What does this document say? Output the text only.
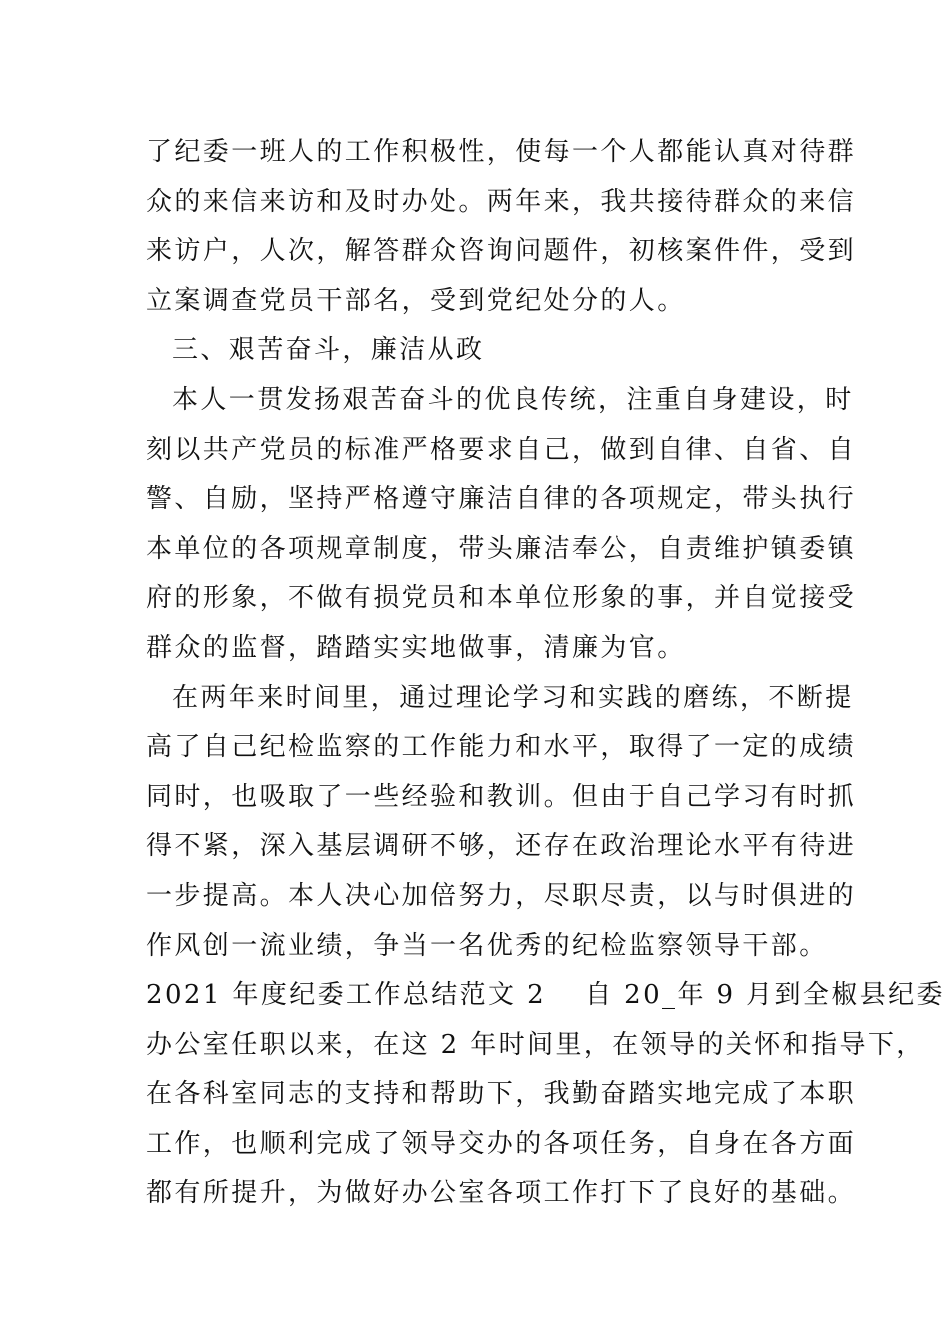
了纪委一班人的工作积极性，使每一个人都能认真对待群
众的来信来访和及时办处。两年来，我共接待群众的来信
来访户，人次，解答群众咨询问题件，初核案件件，受到
立案调查党员干部名，受到党纪处分的人。
三、艰苦奋斗，廉洁从政
本人一贯发扬艰苦奋斗的优良传统，注重自身建设，时
刻以共产党员的标准严格要求自己，做到自律、自省、自
警、自励，坚持严格遵守廉洁自律的各项规定，带头执行
本单位的各项规章制度，带头廉洁奉公，自责维护镇委镇
府的形象，不做有损党员和本单位形象的事，并自觉接受
群众的监督，踏踏实实地做事，清廉为官。
在两年来时间里，通过理论学习和实践的磨练，不断提
高了自己纪检监察的工作能力和水平，取得了一定的成绩
同时，也吸取了一些经验和教训。但由于自己学习有时抓
得不紧，深入基层调研不够，还存在政治理论水平有待进
一步提高。本人决心加倍努力，尽职尽责，以与时俱进的
作风创一流业绩，争当一名优秀的纪检监察领导干部。
2021 年度纪委工作总结范文 2　 自 20_年 9 月到全椒县纪委
办公室任职以来，在这 2 年时间里，在领导的关怀和指导下，
在各科室同志的支持和帮助下，我勤奋踏实地完成了本职
工作，也顺利完成了领导交办的各项任务，自身在各方面
都有所提升，为做好办公室各项工作打下了良好的基础。
